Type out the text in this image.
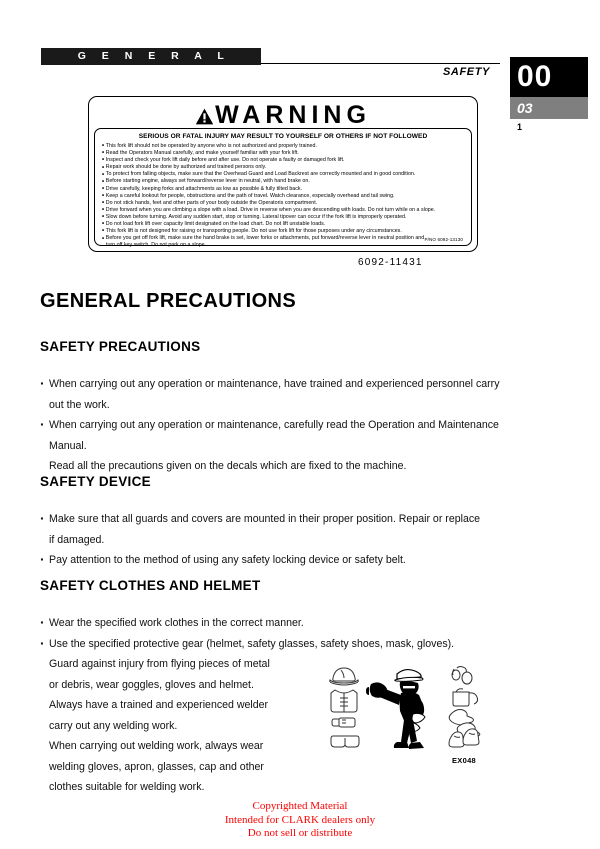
G E N E R A L
SAFETY 00
03
1
WARNING
SERIOUS OR FATAL INJURY MAY RESULT TO YOURSELF OR OTHERS IF NOT FOLLOWED
• This fork lift should not be operated by anyone who is not authorized and properly trained.
• Read the Operators Manual carefully, and make yourself familiar with your fork lift.
• Inspect and check your fork lift daily before and after use. Do not operate a faulty or damaged fork lift.
• Repair work should be done by authorized and trained persons only.
• To protect from falling objects, make sure that the Overhead Guard and Load Backrest are correctly mounted and in good condition.
• Before starting engine, always set forward/reverse lever in neutral, with hand brake on.
• Drive carefully, keeping forks and attachments as low as possible & fully tilted back.
• Keep a careful lookout for people, obstructions and the path of travel. Watch clearance, especially overhead and tail swing.
• Do not stick hands, feet and other parts of your body outside the Operatoris compartment.
• Drive forward when you are climbing a slope with a load. Drive in reverse when you are descending with loads. Do not turn while on a slope.
• Slow down before turning. Avoid any sudden start, stop or turning. Lateral tipover can occur if the fork lift is improperly operated.
• Do not load fork lift over capacity limit designated on the load chart. Do not lift unstable loads.
• This fork lift is not designed for raising or transporting people. Do not use fork lift for those purposes under any circumstances.
• Before you get off fork lift, make sure the hand brake is set, lower forks or attachments, put forward/reverse lever in neutral position and
turn off key switch. Do not park on a slope.
P/NO 6092-13130
6092-11431
GENERAL PRECAUTIONS
SAFETY PRECAUTIONS
· When carrying out any operation or maintenance, have trained and experienced personnel carry
out the work.
· When carrying out any operation or maintenance, carefully read the Operation and Maintenance
Manual.
Read all the precautions given on the decals which are fixed to the machine.
SAFETY DEVICE
· Make sure that all guards and covers are mounted in their proper position. Repair or replace
if damaged.
· Pay attention to the method of using any safety locking device or safety belt.
SAFETY CLOTHES AND HELMET
· Wear the specified work clothes in the correct manner.
· Use the specified protective gear (helmet, safety glasses, safety shoes, mask, gloves).
Guard against injury from flying pieces of metal
or debris, wear goggles, gloves and helmet.
Always have a trained and experienced welder
carry out any welding work.
When carrying out welding work, always wear
welding gloves, apron, glasses, cap and other
clothes suitable for welding work.
EX048
Copyrighted Material
Intended for CLARK dealers only
Do not sell or distribute
